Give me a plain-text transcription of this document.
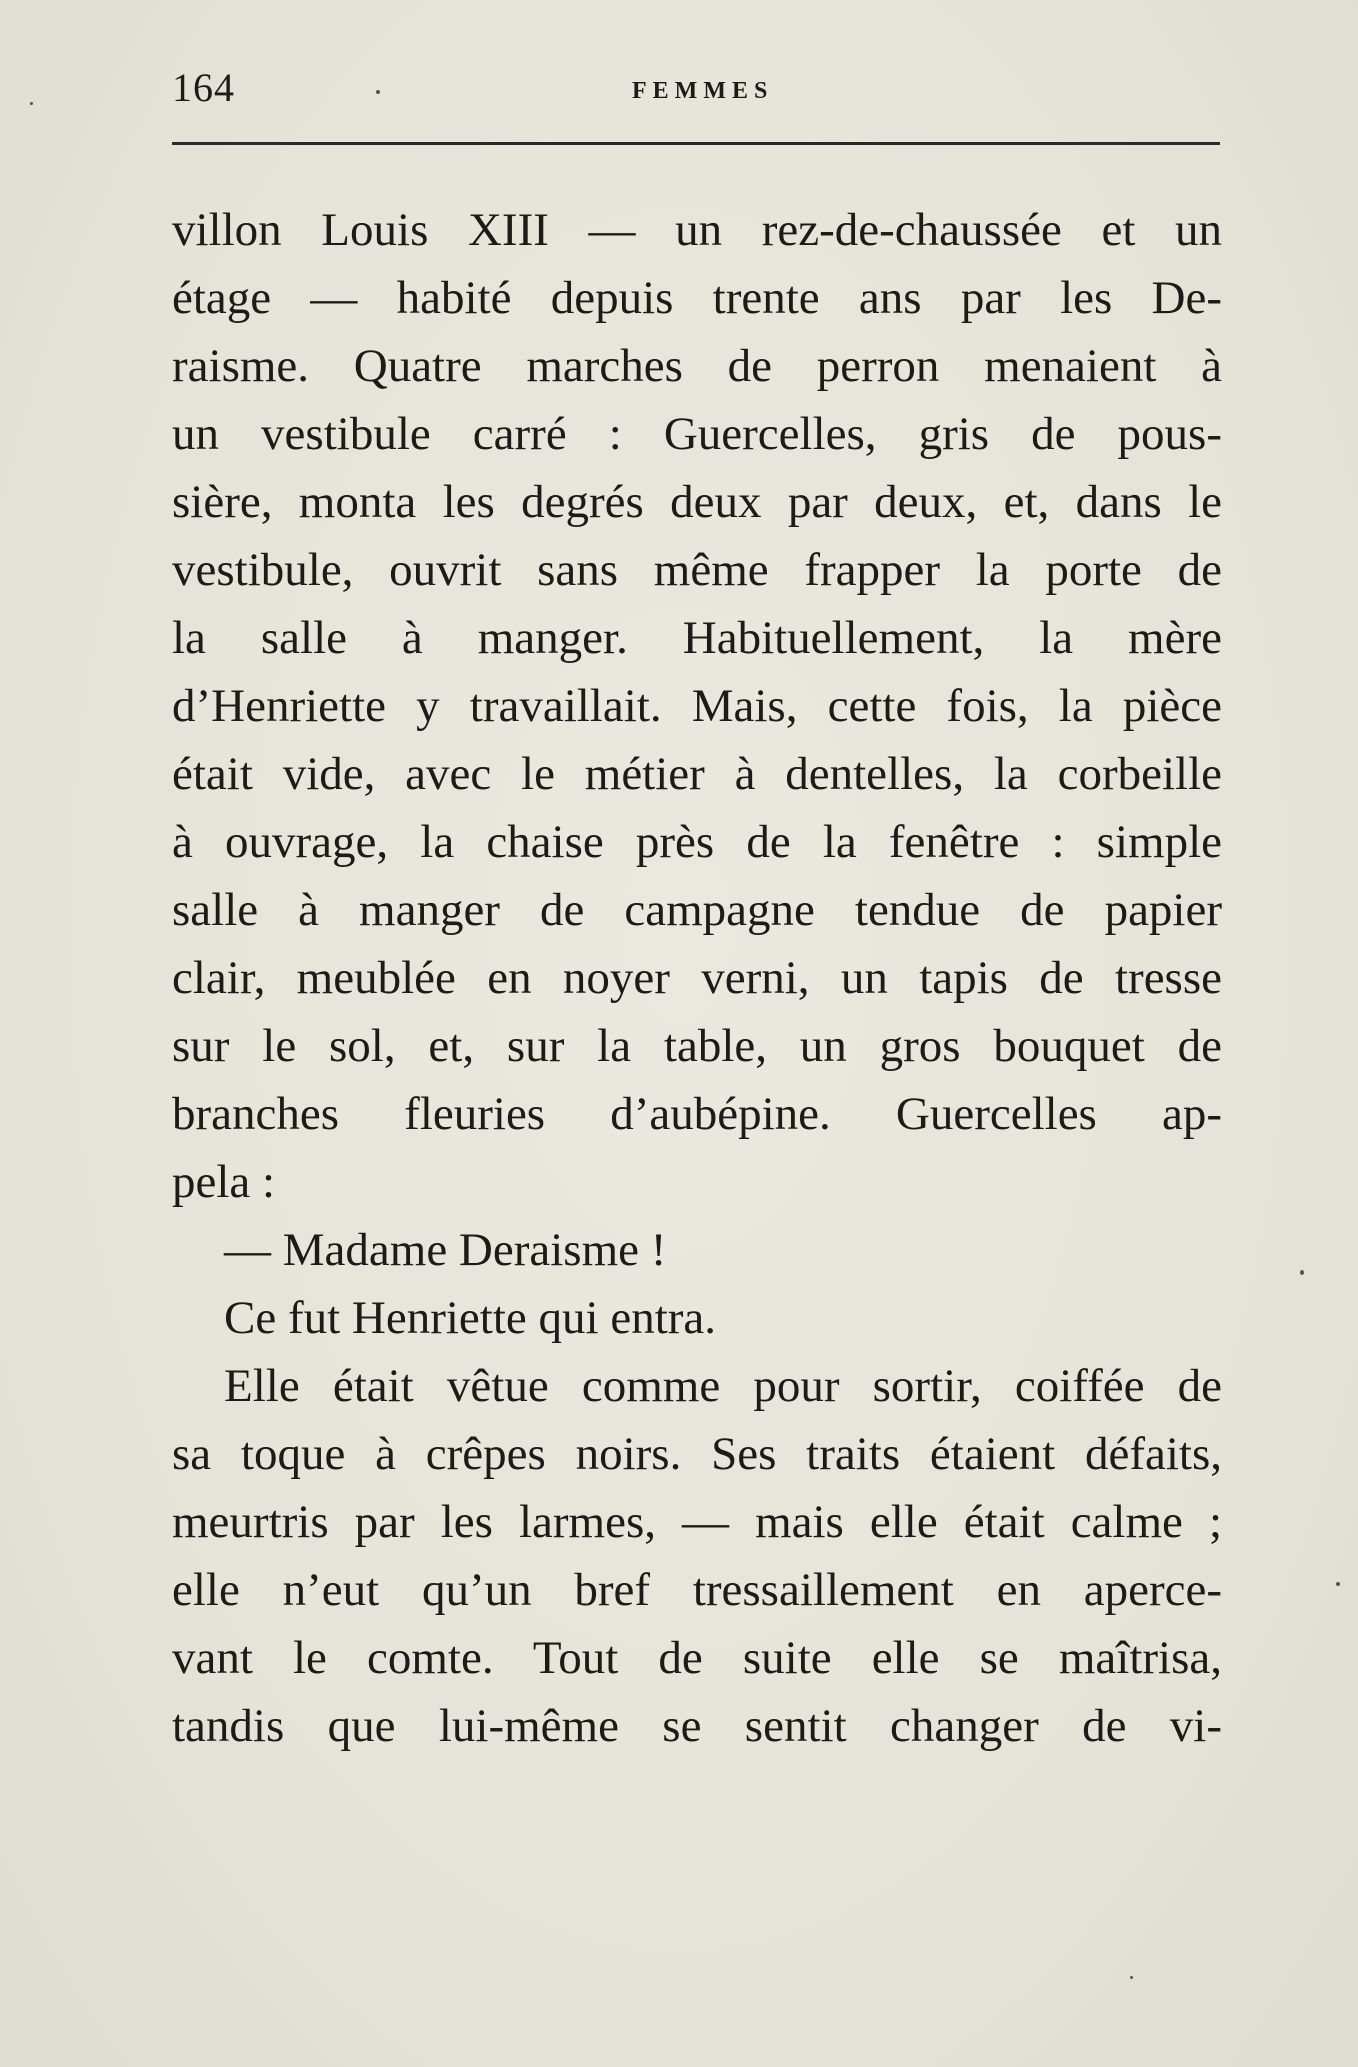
164	FEMMES
villon Louis XIII — un rez-de-chaussée et un
étage — habité depuis trente ans par les De-
raisme. Quatre marches de perron menaient à
un vestibule carré : Guercelles, gris de pous-
sière, monta les degrés deux par deux, et, dans le
vestibule, ouvrit sans même frapper la porte de
la salle à manger. Habituellement, la mère
d’Henriette y travaillait. Mais, cette fois, la pièce
était vide, avec le métier à dentelles, la corbeille
à ouvrage, la chaise près de la fenêtre : simple
salle à manger de campagne tendue de papier
clair, meublée en noyer verni, un tapis de tresse
sur le sol, et, sur la table, un gros bouquet de
branches fleuries d’aubépine. Guercelles ap-
pela :
— Madame Deraisme !
Ce fut Henriette qui entra.
Elle était vêtue comme pour sortir, coiffée de
sa toque à crêpes noirs. Ses traits étaient défaits,
meurtris par les larmes, — mais elle était calme ;
elle n’eut qu’un bref tressaillement en aperce-
vant le comte. Tout de suite elle se maîtrisa,
tandis que lui-même se sentit changer de vi-
